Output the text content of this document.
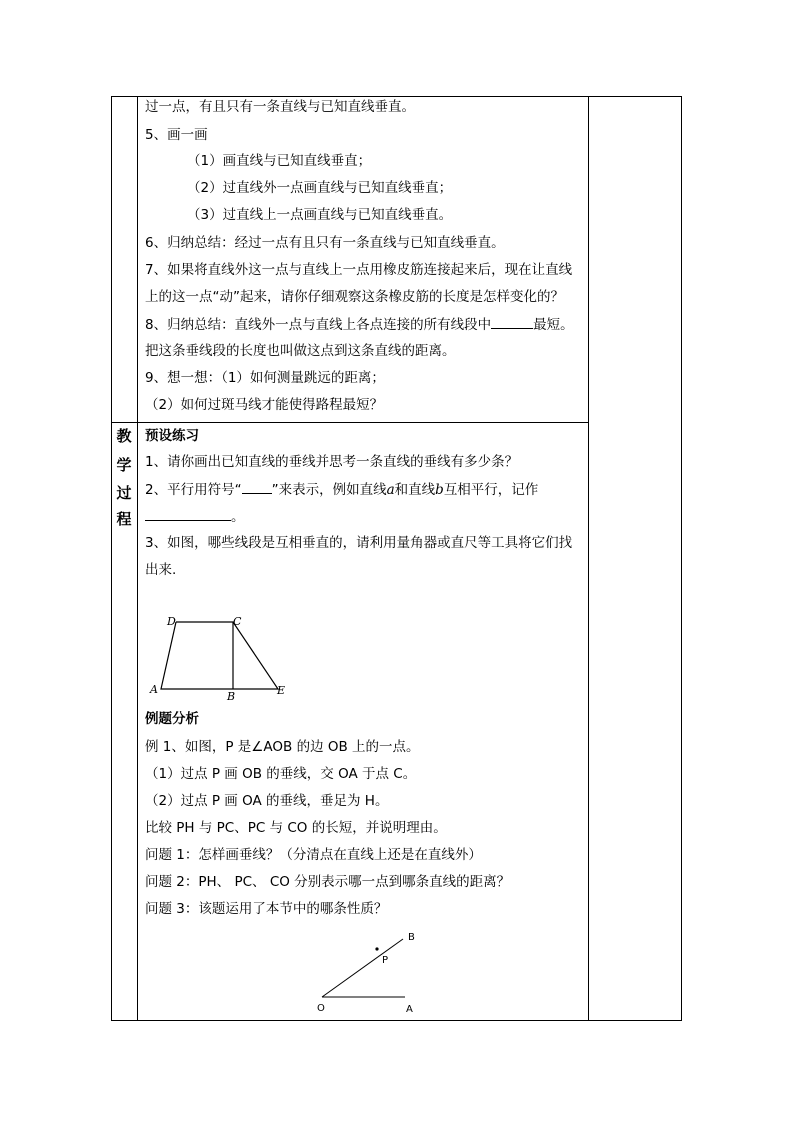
过一点，有且只有一条直线与已知直线垂直。
5、画一画
（1）画直线与已知直线垂直；
（2）过直线外一点画直线与已知直线垂直；
（3）过直线上一点画直线与已知直线垂直。
6、归纳总结：经过一点有且只有一条直线与已知直线垂直。
7、如果将直线外这一点与直线上一点用橡皮筋连接起来后，现在让直线
上的这一点“动”起来，请你仔细观察这条橡皮筋的长度是怎样变化的？
8、归纳总结：直线外一点与直线上各点连接的所有线段中	最短。
把这条垂线段的长度也叫做这点到这条直线的距离。
9、想一想：（1）如何测量跳远的距离；
（2）如何过斑马线才能使得路程最短？
教
学
过
程
预设练习
1、请你画出已知直线的垂线并思考一条直线的垂线有多少条？
2、平行用符号“ ”来表示，例如直线a和直线b互相平行，记作
。
3、如图，哪些线段是互相垂直的，请利用量角器或直尺等工具将它们找
出来.
D	C
A
B	E
例题分析
例 1、如图，P 是∠AOB 的边 OB 上的一点。
（1）过点 P 画 OB 的垂线，交 OA 于点 C。
（2）过点 P 画 OA 的垂线，垂足为 H。
比较 PH 与 PC、PC 与 CO 的长短，并说明理由。
问题 1：怎样画垂线？（分清点在直线上还是在直线外）
问题 2：PH、 PC、 CO 分别表示哪一点到哪条直线的距离？
问题 3：该题运用了本节中的哪条性质？
B
P
O	A
